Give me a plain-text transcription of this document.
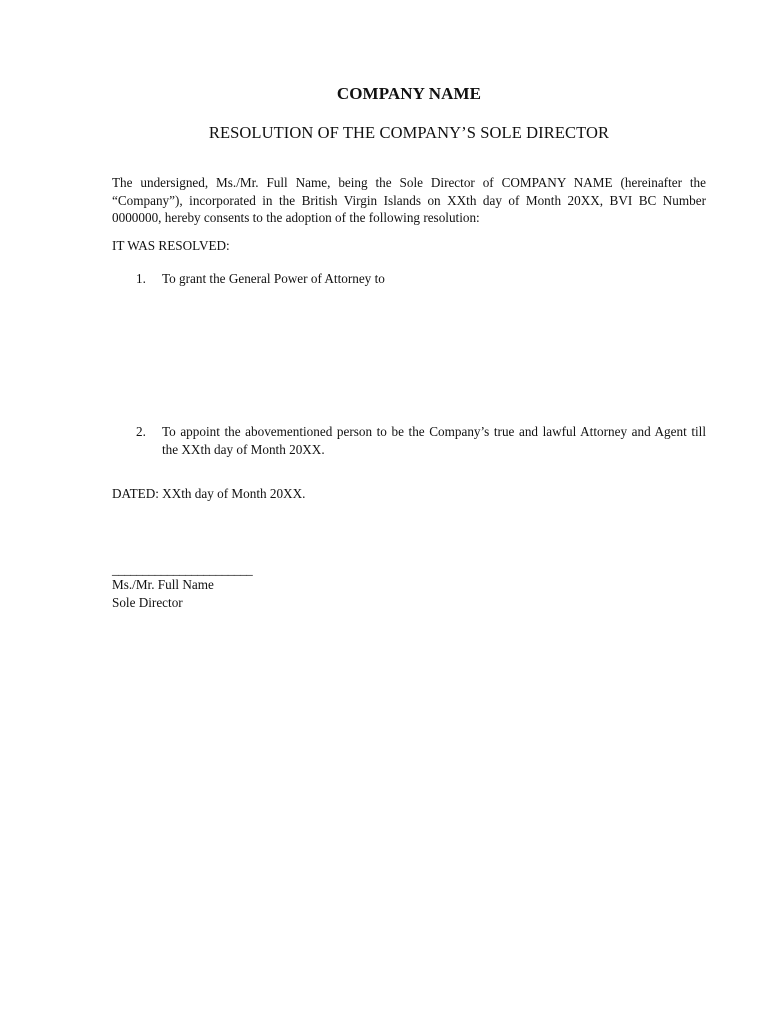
COMPANY NAME
RESOLUTION OF THE COMPANY’S SOLE DIRECTOR
The undersigned, Ms./Mr. Full Name, being the Sole Director of COMPANY NAME (hereinafter the “Company”), incorporated in the British Virgin Islands on XXth day of Month 20XX, BVI BC Number 0000000, hereby consents to the adoption of the following resolution:
IT WAS RESOLVED:
1. To grant the General Power of Attorney to
2. To appoint the abovementioned person to be the Company’s true and lawful Attorney and Agent till the XXth day of Month 20XX.
DATED: XXth day of Month 20XX.
_______________________
Ms./Mr. Full Name
Sole Director
